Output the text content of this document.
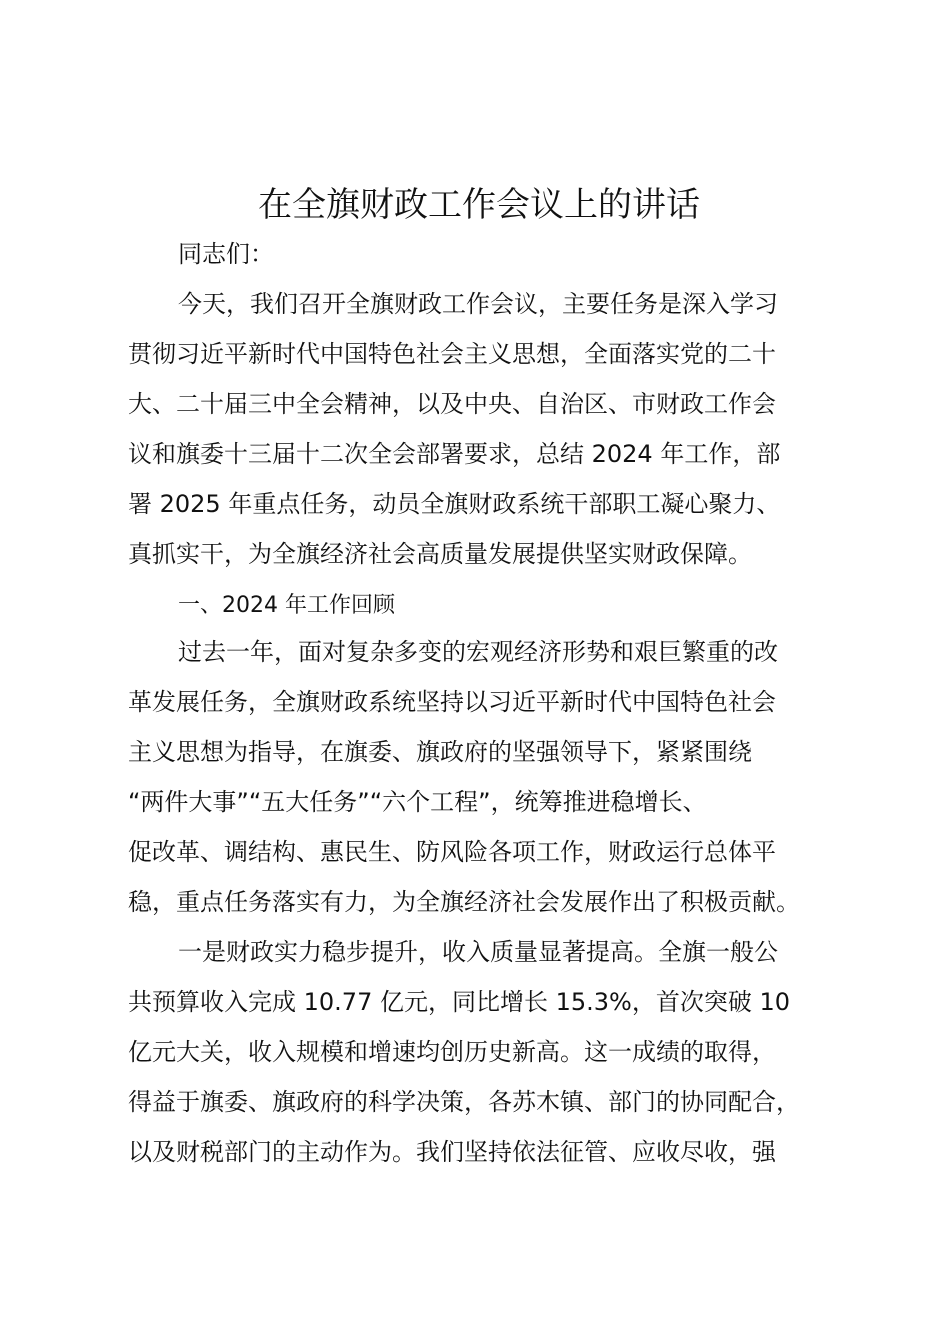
在全旗财政工作会议上的讲话

同志们：

今天，我们召开全旗财政工作会议，主要任务是深入学习

贯彻习近平新时代中国特色社会主义思想，全面落实党的二十

大、二十届三中全会精神，以及中央、自治区、市财政工作会

议和旗委十三届十二次全会部署要求，总结 2024 年工作，部

署 2025 年重点任务，动员全旗财政系统干部职工凝心聚力、

真抓实干，为全旗经济社会高质量发展提供坚实财政保障。

一、2024 年工作回顾

过去一年，面对复杂多变的宏观经济形势和艰巨繁重的改

革发展任务，全旗财政系统坚持以习近平新时代中国特色社会

主义思想为指导，在旗委、旗政府的坚强领导下，紧紧围绕

“两件大事”“五大任务”“六个工程”，统筹推进稳增长、

促改革、调结构、惠民生、防风险各项工作，财政运行总体平

稳，重点任务落实有力，为全旗经济社会发展作出了积极贡献。

一是财政实力稳步提升，收入质量显著提高。全旗一般公

共预算收入完成 10.77 亿元，同比增长 15.3%，首次突破 10

亿元大关，收入规模和增速均创历史新高。这一成绩的取得，

得益于旗委、旗政府的科学决策，各苏木镇、部门的协同配合，

以及财税部门的主动作为。我们坚持依法征管、应收尽收，强
